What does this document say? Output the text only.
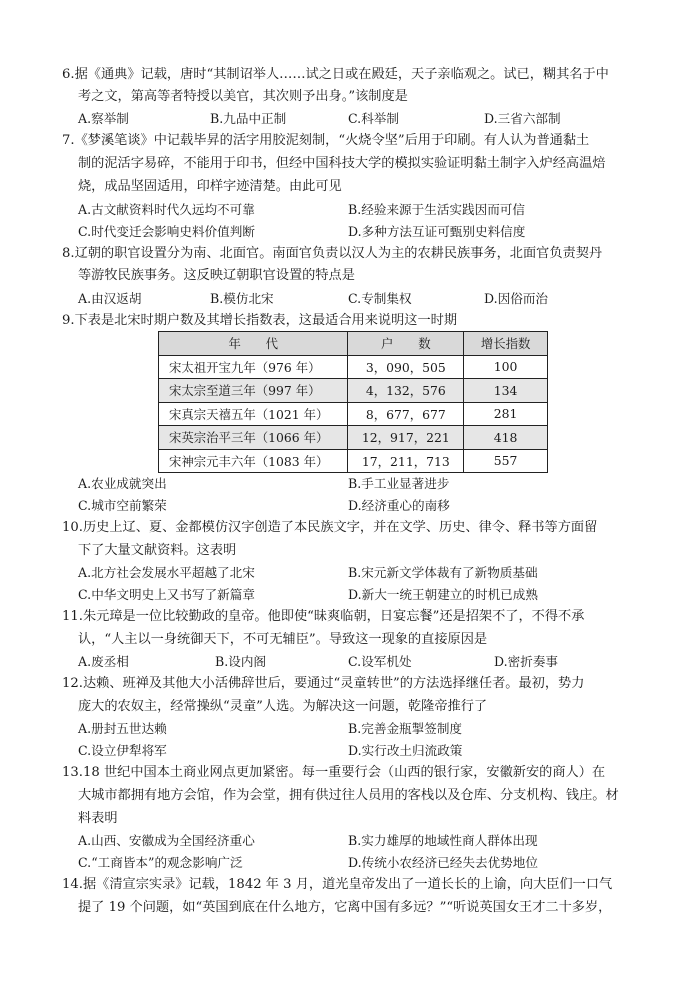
6.据《通典》记载，唐时“其制诏举人……试之日或在殿廷，天子亲临观之。试已，糊其名于中
考之文，第高等者特授以美官，其次则予出身。”该制度是
A.察举制	B.九品中正制	C.科举制	D.三省六部制
7.《梦溪笔谈》中记载毕昇的活字用胶泥刻制，“火烧令坚”后用于印刷。有人认为普通黏土
制的泥活字易碎，不能用于印书，但经中国科技大学的模拟实验证明黏土制字入炉经高温焙
烧，成品坚固适用，印样字迹清楚。由此可见
A.古文献资料时代久远均不可靠	B.经验来源于生活实践因而可信
C.时代变迁会影响史料价值判断	D.多种方法互证可甄别史料信度
8.辽朝的职官设置分为南、北面官。南面官负责以汉人为主的农耕民族事务，北面官负责契丹
等游牧民族事务。这反映辽朝职官设置的特点是
A.由汉返胡	B.模仿北宋	C.专制集权	D.因俗而治
9.下表是北宋时期户数及其增长指数表，这最适合用来说明这一时期
年　　代	户　　数	增长指数
宋太祖开宝九年（976 年）	3，090，505	100
宋太宗至道三年（997 年）	4，132，576	134
宋真宗天禧五年（1021 年）	8，677，677	281
宋英宗治平三年（1066 年）	12，917，221	418
宋神宗元丰六年（1083 年）	17，211，713	557
A.农业成就突出	B.手工业显著进步
C.城市空前繁荣	D.经济重心的南移
10.历史上辽、夏、金都模仿汉字创造了本民族文字，并在文学、历史、律令、释书等方面留
下了大量文献资料。这表明
A.北方社会发展水平超越了北宋	B.宋元新文学体裁有了新物质基础
C.中华文明史上又书写了新篇章	D.新大一统王朝建立的时机已成熟
11.朱元璋是一位比较勤政的皇帝。他即使“昧爽临朝，日宴忘餐”还是招架不了，不得不承
认，“人主以一身统御天下，不可无辅臣”。导致这一现象的直接原因是
A.废丞相	B.设内阁	C.设军机处	D.密折奏事
12.达赖、班禅及其他大小活佛辞世后，要通过“灵童转世”的方法选择继任者。最初，势力
庞大的农奴主，经常操纵“灵童”人选。为解决这一问题，乾隆帝推行了
A.册封五世达赖	B.完善金瓶掣签制度
C.设立伊犁将军	D.实行改土归流政策
13.18 世纪中国本土商业网点更加紧密。每一重要行会（山西的银行家，安徽新安的商人）在
大城市都拥有地方会馆，作为会堂，拥有供过往人员用的客栈以及仓库、分支机构、钱庄。材
料表明
A.山西、安徽成为全国经济重心	B.实力雄厚的地域性商人群体出现
C.“工商皆本”的观念影响广泛	D.传统小农经济已经失去优势地位
14.据《清宣宗实录》记载，1842 年 3 月，道光皇帝发出了一道长长的上谕，向大臣们一口气
提了 19 个问题，如“英国到底在什么地方，它离中国有多远？”“听说英国女王才二十多岁，
